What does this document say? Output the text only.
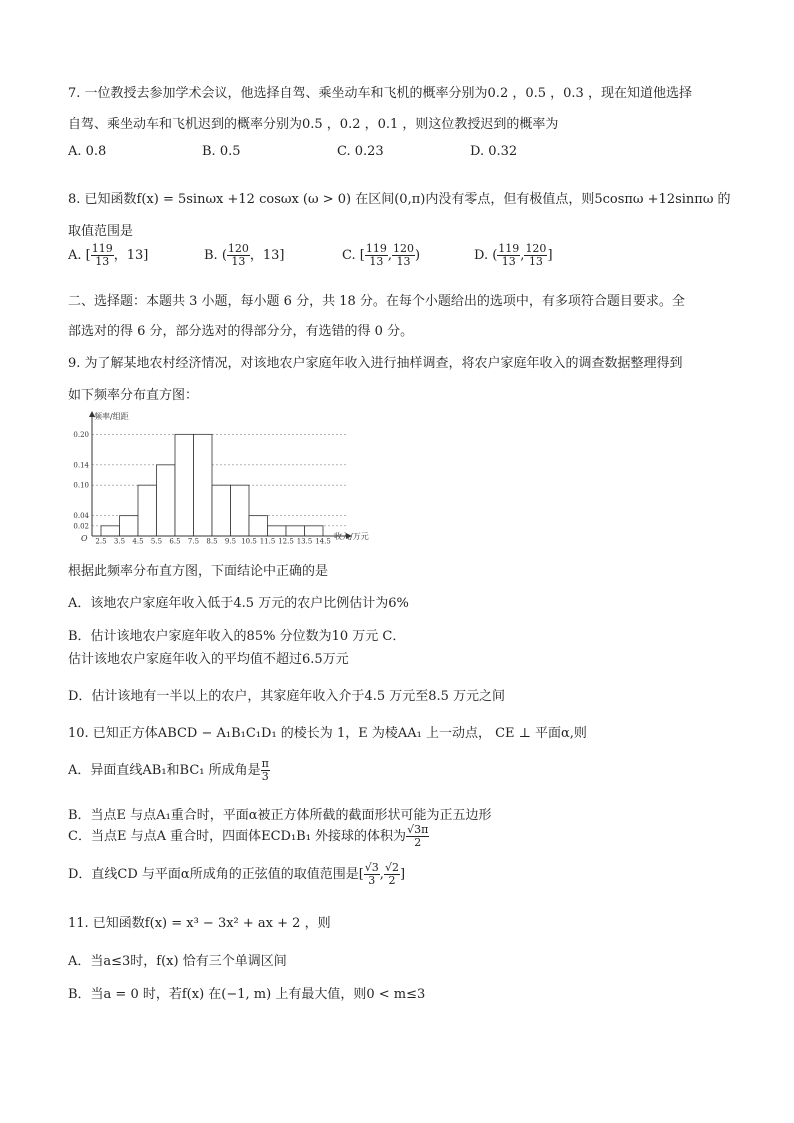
7. 一位教授去参加学术会议，他选择自驾、乘坐动车和飞机的概率分别为0.2 ，0.5 ，0.3 ，现在知道他选择
自驾、乘坐动车和飞机迟到的概率分别为0.5 ，0.2 ，0.1 ，则这位教授迟到的概率为
A. 0.8	B. 0.5	C. 0.23	D. 0.32
8. 已知函数f(x) = 5sinωx +12 cosωx (ω > 0) 在区间(0,π)内没有零点，但有极值点，则5cosπω +12sinπω 的
取值范围是
A. [ $\frac{119}{13}$ ，13]	B. ( $\frac{120}{13}$ ，13]	C. [ $\frac{119}{13}$ , $\frac{120}{13}$ )	D. ( $\frac{119}{13}$ , $\frac{120}{13}$ ]
二、选择题：本题共 3 小题，每小题 6 分，共 18 分。在每个小题给出的选项中，有多项符合题目要求。全
部选对的得 6 分，部分选对的得部分分，有选错的得 0 分。
9. 为了解某地农村经济情况，对该地农户家庭年收入进行抽样调查，将农户家庭年收入的调查数据整理得到
如下频率分布直方图：
0.02
0.04
0.10
0.14
0.20
2.5 3.5 4.5 5.5 6.5 7.5 8.5 9.5 10.5 11.5 12.5 13.5 14.5
频率/组距
收入/万元
O
根据此频率分布直方图，下面结论中正确的是
A．该地农户家庭年收入低于4.5 万元的农户比例估计为6%
B．估计该地农户家庭年收入的85% 分位数为10 万元 C．
估计该地农户家庭年收入的平均值不超过6.5万元
D．估计该地有一半以上的农户，其家庭年收入介于4.5 万元至8.5 万元之间
10. 已知正方体ABCD − A₁B₁C₁D₁ 的棱长为 1，E 为棱AA₁ 上一动点， CE ⊥ 平面α,则
A．异面直线AB₁和BC₁ 所成角是 $\frac{\pi}{3}$
B．当点E 与点A₁重合时，平面α被正方体所截的截面形状可能为正五边形
C．当点E 与点A 重合时，四面体ECD₁B₁ 外接球的体积为 $\frac{√3\pi}{2}$
D．直线CD 与平面α所成角的正弦值的取值范围是[ $\frac{√3}{3}$ , $\frac{√2}{2}$ ]
11. 已知函数f(x) = x³ − 3x² + ax + 2 ，则
A．当a≤3时，f(x) 恰有三个单调区间
B．当a = 0 时，若f(x) 在(−1, m) 上有最大值，则0 < m≤3
